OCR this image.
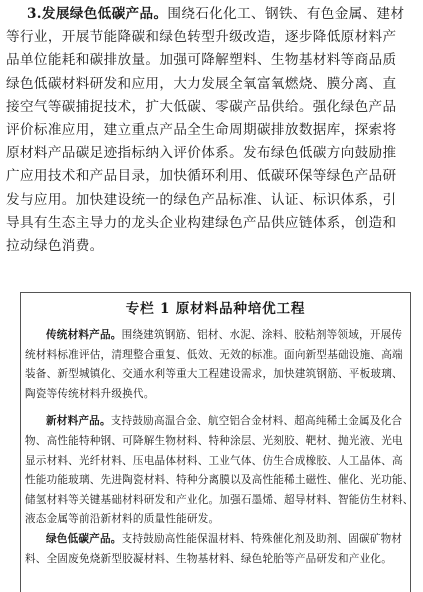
3.发展绿色低碳产品。围绕石化化工、钢铁、有色金属、建材
等行业，开展节能降碳和绿色转型升级改造，逐步降低原材料产
品单位能耗和碳排放量。加强可降解塑料、生物基材料等商品质
绿色低碳材料研发和应用，大力发展全氧富氧燃烧、膜分离、直
接空气等碳捕捉技术，扩大低碳、零碳产品供给。强化绿色产品
评价标准应用，建立重点产品全生命周期碳排放数据库，探索将
原材料产品碳足迹指标纳入评价体系。发布绿色低碳方向鼓励推
广应用技术和产品目录，加快循环利用、低碳环保等绿色产品研
发与应用。加快建设统一的绿色产品标准、认证、标识体系，引
导具有生态主导力的龙头企业构建绿色产品供应链体系，创造和
拉动绿色消费。
专栏 1 原材料品种培优工程
传统材料产品。围绕建筑钢筋、铝材、水泥、涂料、胶粘剂等领域，开展传
统材料标准评估，清理整合重复、低效、无效的标准。面向新型基础设施、高端
装备、新型城镇化、交通水利等重大工程建设需求，加快建筑钢筋、平板玻璃、
陶瓷等传统材料升级换代。
新材料产品。支持鼓励高温合金、航空铝合金材料、超高纯稀土金属及化合
物、高性能特种钢、可降解生物材料、特种涂层、光刻胶、靶材、抛光液、光电
显示材料、光纤材料、压电晶体材料、工业气体、仿生合成橡胶、人工晶体、高
性能功能玻璃、先进陶瓷材料、特种分离膜以及高性能稀土磁性、催化、光功能、
储氢材料等关键基础材料研发和产业化。加强石墨烯、超导材料、智能仿生材料、
液态金属等前沿新材料的质量性能研发。
绿色低碳产品。支持鼓励高性能保温材料、特殊催化剂及助剂、固碳矿物材
料、全固废免烧新型胶凝材料、生物基材料、绿色轮胎等产品研发和产业化。
